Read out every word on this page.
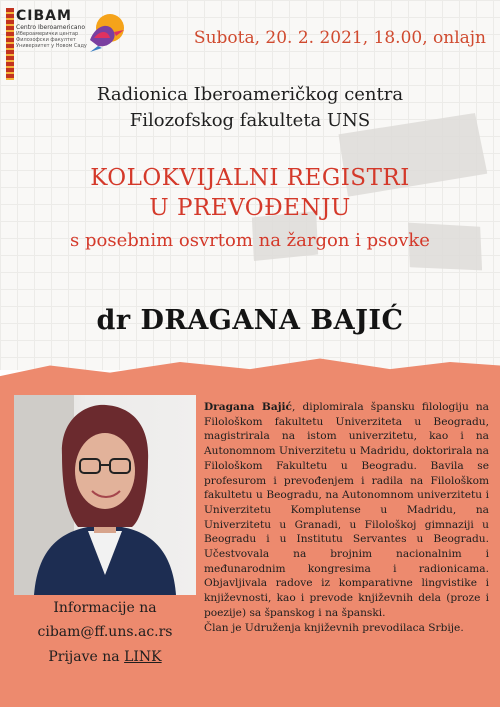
CIBAM
Centro Iberoamericano
Ибероамерички центар
Филозофски факултет
Универзитет у Новом Саду	Subota, 20. 2. 2021, 18.00, onlajn
Radionica Iberoameričkog centra
Filozofskog fakulteta UNS
KOLOKVIJALNI REGISTRI
U PREVOĐENJU
s posebnim osvrtom na žargon i psovke
dr DRAGANA BAJIĆ
Informacije na
cibam@ff.uns.ac.rs
Prijave na LINK
Dragana Bajić, diplomirala špansku filologiju na Filološkom fakultetu Univerziteta u Beogradu, magistrirala na istom univerzitetu, kao i na Autonomnom Univerzitetu u Madridu, doktorirala na Filološkom Fakultetu u Beogradu. Bavila se profesurom i prevođenjem i radila na Filološkom fakultetu u Beogradu, na Autonomnom univerzitetu i Univerzitetu Komplutense u Madridu, na Univerzitetu u Granadi, u Filološkoj gimnaziji u Beogradu i u Institutu Servantes u Beogradu. Učestvovala na brojnim nacionalnim i međunarodnim kongresima i radionicama. Objavljivala radove iz komparativne lingvistike i književnosti, kao i prevode književnih dela (proze i poezije) sa španskog i na španski.
Član je Udruženja književnih prevodilaca Srbije.
